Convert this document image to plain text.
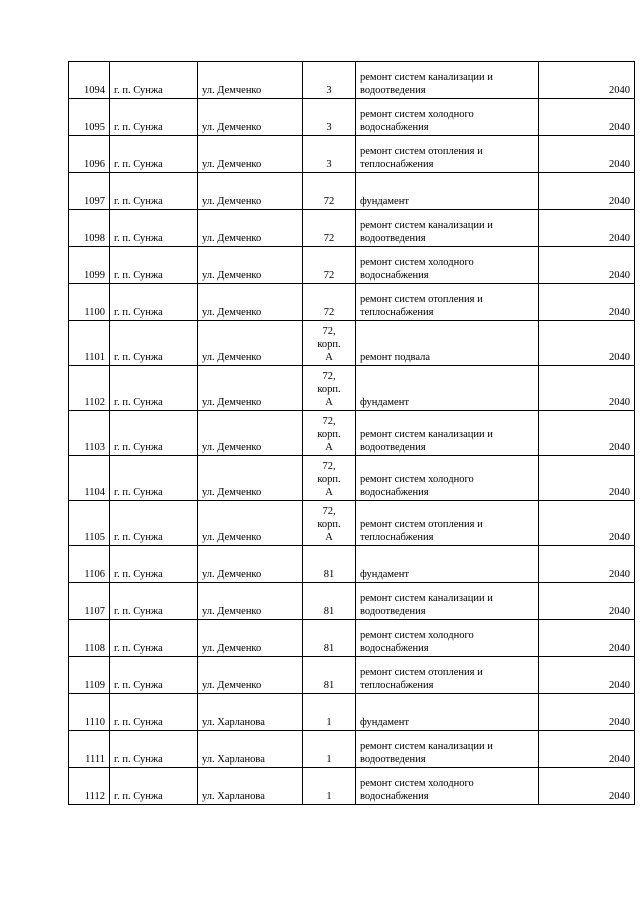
1094	г. п. Сунжа	ул. Демченко	3	ремонт систем канализации и водоотведения	2040
1095	г. п. Сунжа	ул. Демченко	3	ремонт систем холодного водоснабжения	2040
1096	г. п. Сунжа	ул. Демченко	3	ремонт систем отопления и теплоснабжения	2040
1097	г. п. Сунжа	ул. Демченко	72	фундамент	2040
1098	г. п. Сунжа	ул. Демченко	72	ремонт систем канализации и водоотведения	2040
1099	г. п. Сунжа	ул. Демченко	72	ремонт систем холодного водоснабжения	2040
1100	г. п. Сунжа	ул. Демченко	72	ремонт систем отопления и теплоснабжения	2040
1101	г. п. Сунжа	ул. Демченко	72,
корп.
А	ремонт подвала	2040
1102	г. п. Сунжа	ул. Демченко	72,
корп.
А	фундамент	2040
1103	г. п. Сунжа	ул. Демченко	72,
корп.
А	ремонт систем канализации и водоотведения	2040
1104	г. п. Сунжа	ул. Демченко	72,
корп.
А	ремонт систем холодного водоснабжения	2040
1105	г. п. Сунжа	ул. Демченко	72,
корп.
А	ремонт систем отопления и теплоснабжения	2040
1106	г. п. Сунжа	ул. Демченко	81	фундамент	2040
1107	г. п. Сунжа	ул. Демченко	81	ремонт систем канализации и водоотведения	2040
1108	г. п. Сунжа	ул. Демченко	81	ремонт систем холодного водоснабжения	2040
1109	г. п. Сунжа	ул. Демченко	81	ремонт систем отопления и теплоснабжения	2040
1110	г. п. Сунжа	ул. Харланова	1	фундамент	2040
1111	г. п. Сунжа	ул. Харланова	1	ремонт систем канализации и водоотведения	2040
1112	г. п. Сунжа	ул. Харланова	1	ремонт систем холодного водоснабжения	2040
